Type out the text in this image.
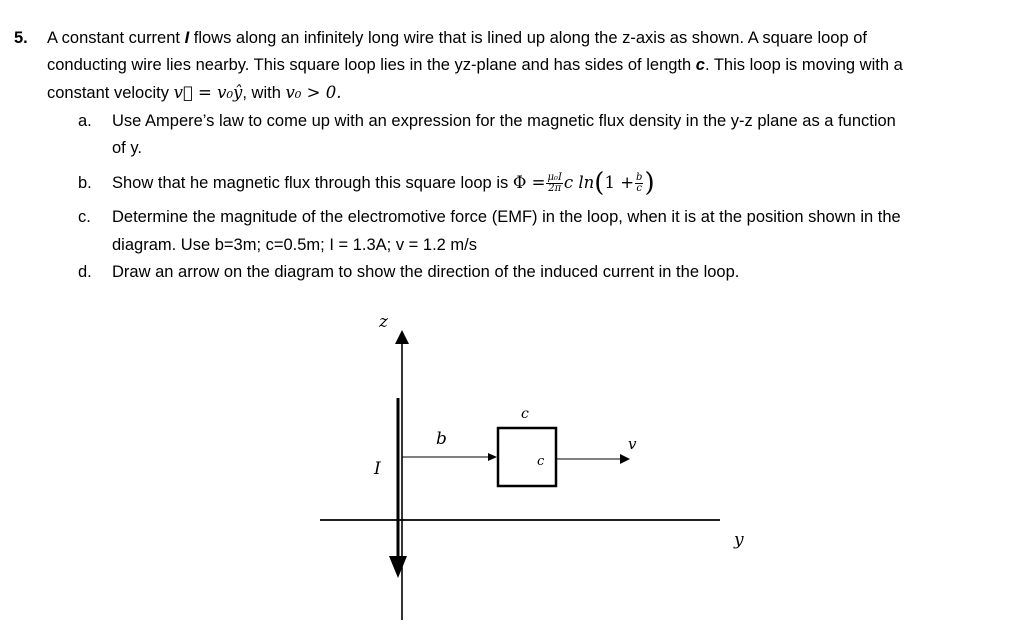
5. A constant current I flows along an infinitely long wire that is lined up along the z-axis as shown. A square loop of
conducting wire lies nearby. This square loop lies in the yz-plane and has sides of length c. This loop is moving with a
constant velocity v⃗ = v₀ŷ, with v₀ > 0.
a. Use Ampere’s law to come up with an expression for the magnetic flux density in the y-z plane as a function
of y.
b. Show that he magnetic flux through this square loop is
$\Phi = \frac{\text{μ₀I}}{2\pi}$ c ln ( $1 + \frac{b}{c}$ )
c. Determine the magnitude of the electromotive force (EMF) in the loop, when it is at the position shown in the
diagram. Use b=3m; c=0.5m; I = 1.3A; v = 1.2 m/s
d. Draw an arrow on the diagram to show the direction of the induced current in the loop.
z
y
I
b
c
c
v
